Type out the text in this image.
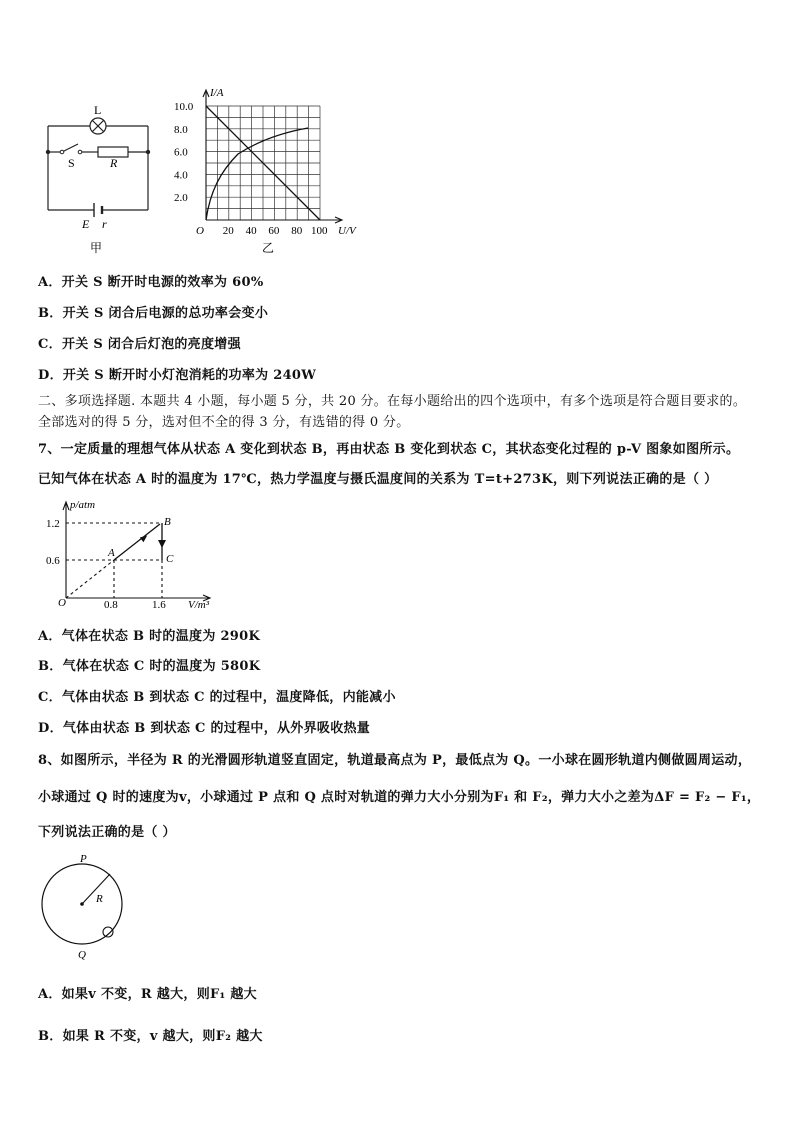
L
S	R
E r
甲
I/A
U/V
O
10.0
8.0
6.0
4.0
2.0
20 40 60 80 100
乙
A．开关 S 断开时电源的效率为 60%
B．开关 S 闭合后电源的总功率会变小
C．开关 S 闭合后灯泡的亮度增强
D．开关 S 断开时小灯泡消耗的功率为 240W
二、多项选择题. 本题共 4 小题，每小题 5 分，共 20 分。在每小题给出的四个选项中，有多个选项是符合题目要求的。
全部选对的得 5 分，选对但不全的得 3 分，有选错的得 0 分。
7、一定质量的理想气体从状态 A 变化到状态 B，再由状态 B 变化到状态 C，其状态变化过程的 p-V 图象如图所示。
已知气体在状态 A 时的温度为 17℃，热力学温度与摄氏温度间的关系为 T=t+273K，则下列说法正确的是（ ）
p/atm
V/m³
O
1.2
0.6
0.8	1.6
A
B
C
A．气体在状态 B 时的温度为 290K
B．气体在状态 C 时的温度为 580K
C．气体由状态 B 到状态 C 的过程中，温度降低，内能减小
D．气体由状态 B 到状态 C 的过程中，从外界吸收热量
8、如图所示，半径为 R 的光滑圆形轨道竖直固定，轨道最高点为 P，最低点为 Q。一小球在圆形轨道内侧做圆周运动，
小球通过 Q 时的速度为v，小球通过 P 点和 Q 点时对轨道的弹力大小分别为F₁ 和 F₂，弹力大小之差为ΔF = F₂ − F₁，
下列说法正确的是（ ）
P
Q
R
A．如果v 不变，R 越大，则F₁ 越大
B．如果 R 不变，v 越大，则F₂ 越大
